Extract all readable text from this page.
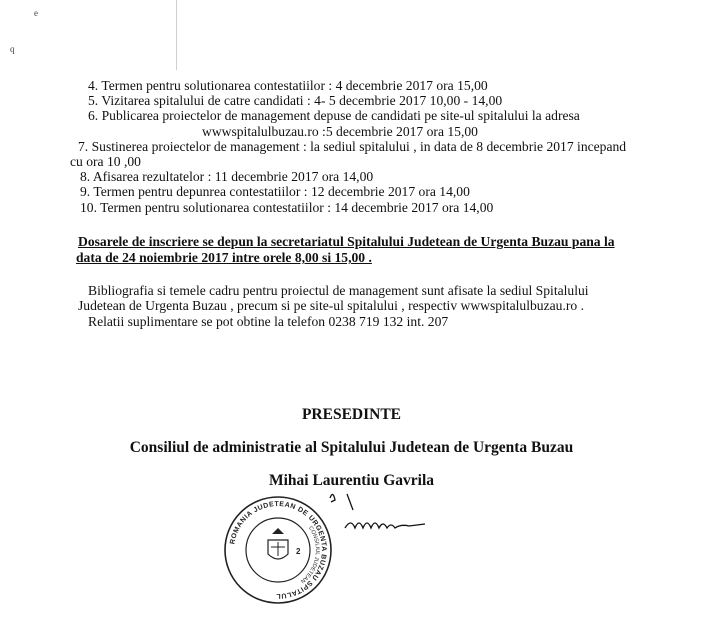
e
q
4. Termen pentru solutionarea contestatiilor : 4 decembrie 2017 ora 15,00
5. Vizitarea spitalului de catre candidati : 4- 5 decembrie 2017 10,00 - 14,00
6. Publicarea proiectelor de management depuse de candidati pe site-ul spitalului la adresa
wwwspitalulbuzau.ro :5 decembrie 2017 ora 15,00
7. Sustinerea proiectelor de management : la sediul spitalului , in data de 8 decembrie 2017 incepand
cu ora 10 ,00
8. Afisarea rezultatelor : 11 decembrie 2017 ora 14,00
9. Termen pentru depunrea contestatiilor : 12 decembrie 2017 ora 14,00
10. Termen pentru solutionarea contestatiilor : 14 decembrie 2017 ora 14,00
Dosarele de inscriere se depun la secretariatul Spitalului Judetean de Urgenta Buzau pana la
data de 24 noiembrie 2017 intre orele 8,00 si 15,00 .
Bibliografia si temele cadru pentru proiectul de management sunt afisate la sediul Spitalului
Judetean de Urgenta Buzau , precum si pe site-ul spitalului , respectiv wwwspitalulbuzau.ro .
Relatii suplimentare se pot obtine la telefon 0238 719 132 int. 207
PRESEDINTE
Consiliul de administratie al Spitalului Judetean de Urgenta Buzau
Mihai Laurentiu Gavrila
2
ROMANIA JUDETEAN DE URGENTA BUZAU SPITALUL
CONSILIUL JUDETEAN
